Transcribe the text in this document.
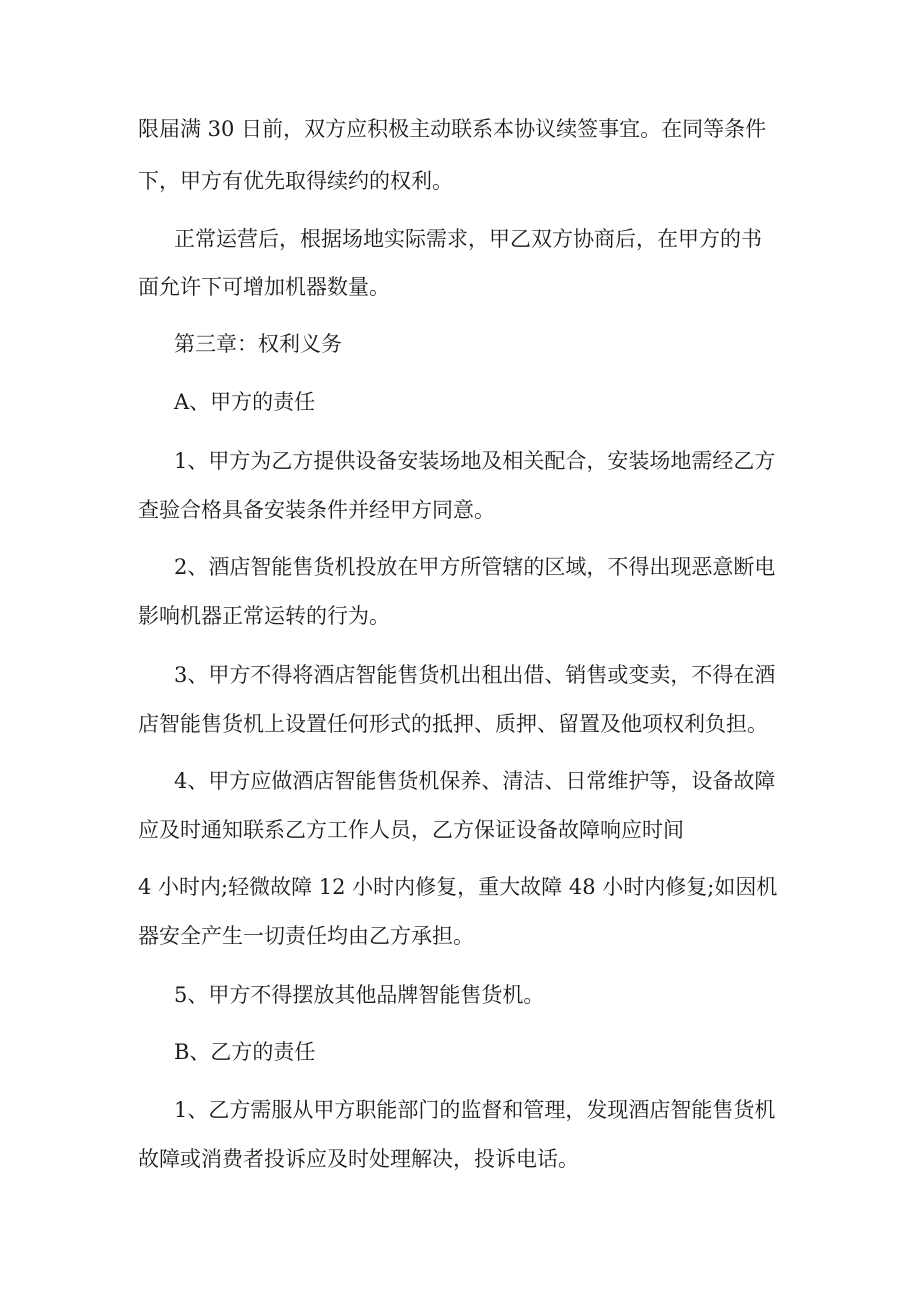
限届满 30 日前，双方应积极主动联系本协议续签事宜。在同等条件
下，甲方有优先取得续约的权利。
正常运营后，根据场地实际需求，甲乙双方协商后，在甲方的书
面允许下可增加机器数量。
第三章：权利义务
A、甲方的责任
1、甲方为乙方提供设备安装场地及相关配合，安装场地需经乙方
查验合格具备安装条件并经甲方同意。
2、酒店智能售货机投放在甲方所管辖的区域，不得出现恶意断电
影响机器正常运转的行为。
3、甲方不得将酒店智能售货机出租出借、销售或变卖，不得在酒
店智能售货机上设置任何形式的抵押、质押、留置及他项权利负担。
4、甲方应做酒店智能售货机保养、清洁、日常维护等，设备故障
应及时通知联系乙方工作人员，乙方保证设备故障响应时间
4 小时内;轻微故障 12 小时内修复，重大故障 48 小时内修复;如因机
器安全产生一切责任均由乙方承担。
5、甲方不得摆放其他品牌智能售货机。
B、乙方的责任
1、乙方需服从甲方职能部门的监督和管理，发现酒店智能售货机
故障或消费者投诉应及时处理解决，投诉电话。
